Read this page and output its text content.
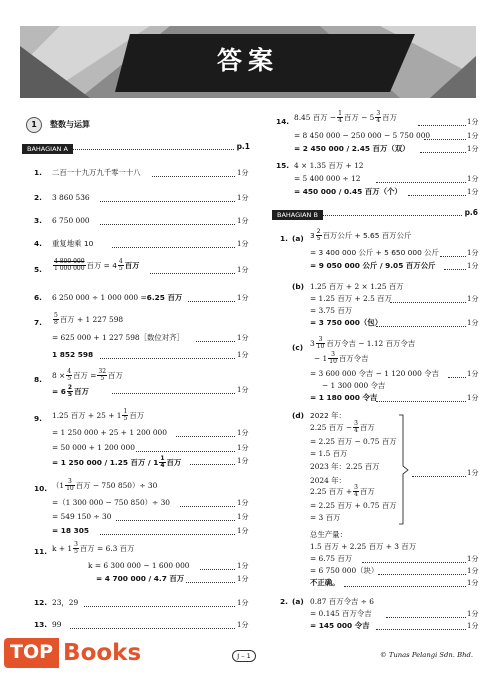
答案
1	整数与运算
BAHAGIAN A	p.1
1. 二百一十九万九千零一十八	1分
2. 3 860 536	1分
3. 6 750 000	1分
4. 重复地乘 10	1分
5. $\frac{4 800 000}{1 000 000}$ 百万 = $4 \frac{4}{5}$ 百万	1分
6. 6 250 000 ÷ 1 000 000 = 6.25 百万	1分
7. $\frac{5}{8}$ 百万 + 1 227 598
= 625 000 + 1 227 598［数位对齐］	1分
1 852 598	1分
8. $8 \times \frac{4}{5}$ 百万 = $\frac{32}{5}$ 百万
= $6 \frac{2}{5}$ 百万	1分
9. 1.25 百万 + $25 + 1 \frac{1}{5}$ 百万
= 1 250 000 + 25 + 1 200 000	1分
= 50 000 + 1 200 000	1分
= 1 250 000 / 1.25 百万 / $1 \frac{1}{4}$ 百万	1分
10. （$1 \frac{3}{10}$ 百万 − 750 850）÷ 30
=（1 300 000 − 750 850）÷ 30	1分
= 549 150 ÷ 30	1分
= 18 305	1分
11. $k + 1 \frac{3}{5}$ 百万 = 6.3 百万
k = 6 300 000 − 1 600 000	1分
= 4 700 000 / 4.7 百万	1分
12. 23，29	1分
13. 99	1分
14. 8.45 百万 − $\frac{1}{4}$ 百万 − $5 \frac{3}{4}$ 百万	1分
= 8 450 000 − 250 000 − 5 750 000	1分
= 2 450 000 / 2.45 百万（双）	1分
15. 4 × 1.35 百万 + 12
= 5 400 000 ÷ 12	1分
= 450 000 / 0.45 百万（个）	1分
BAHAGIAN B	p.6
1. (a) $3 \frac{2}{5}$ 百万公斤 + 5.65 百万公斤
= 3 400 000 公斤 + 5 650 000 公斤	1分
= 9 050 000 公斤 / 9.05 百万公斤	1分
(b) 1.25 百万 + 2 × 1.25 百万
= 1.25 百万 + 2.5 百万	1分
= 3.75 百万
= 3 750 000（包）	1分
(c) $3 \frac{3}{10}$ 百万令吉 − 1.12 百万令吉
− $1 \frac{3}{10}$ 百万令吉
= 3 600 000 令吉 − 1 120 000 令吉	1分
− 1 300 000 令吉
= 1 180 000 令吉	1分
(d) 2022 年：
2.25 百万 − $\frac{3}{4}$ 百万
= 2.25 百万 − 0.75 百万
= 1.5 百万
2023 年：2.25 百万
2024 年：
2.25 百万 + $\frac{3}{4}$ 百万
= 2.25 百万 + 0.75 百万
= 3 百万
1分
总生产量：
1.5 百万 + 2.25 百万 + 3 百万
= 6.75 百万	1分
= 6 750 000（块）	1分
不正确。	1分
2. (a) 0.87 百万令吉 ÷ 6
= 0.145 百万令吉	1分
= 145 000 令吉	1分
J – 1	© Tunas Pelangi Sdn. Bhd.
TOP Books
